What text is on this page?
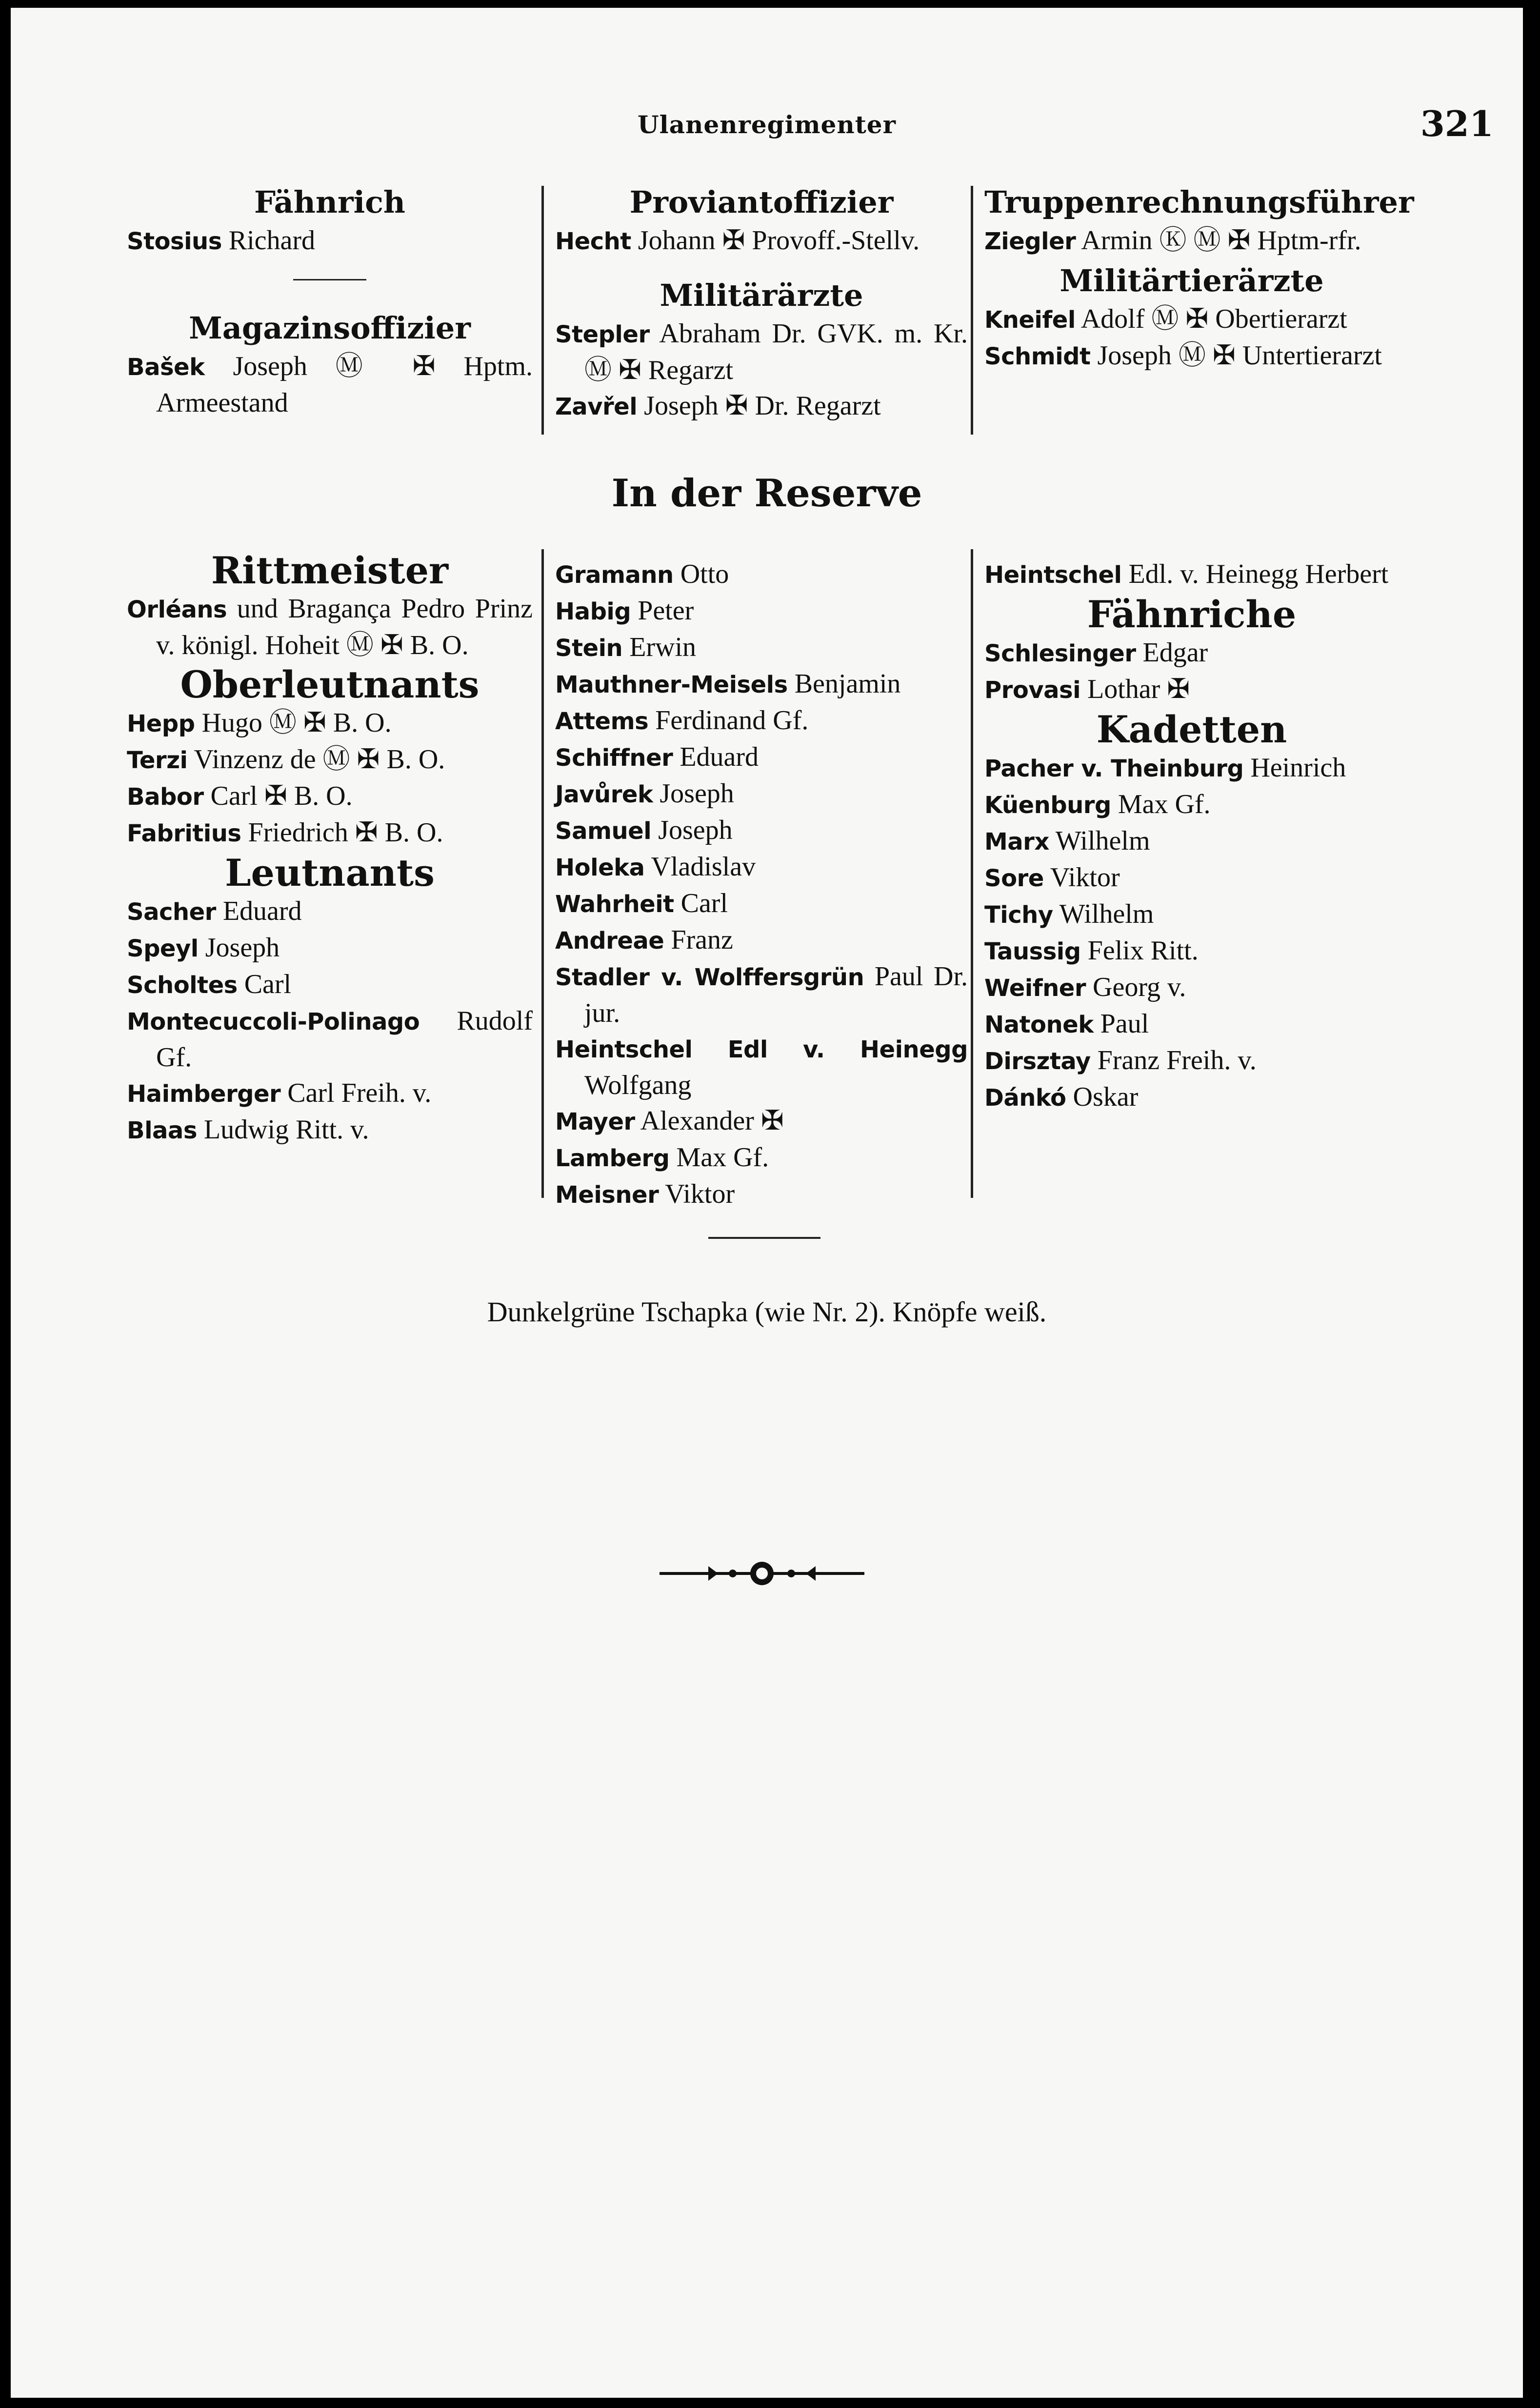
Ulanenregimenter	321
Fähnrich
Stosius Richard
Magazinsoffizier
Bašek Joseph Ⓜ ✠ Hptm. Armeestand
Proviantoffizier
Hecht Johann ✠ Provoff.-Stellv.
Militärärzte
Stepler Abraham Dr. GVK. m. Kr. Ⓜ ✠ Regarzt
Zavřel Joseph ✠ Dr. Regarzt
Truppenrechnungsführer
Ziegler Armin Ⓚ Ⓜ ✠ Hptm-rfr.
Militärtierärzte
Kneifel Adolf Ⓜ ✠ Obertierarzt
Schmidt Joseph Ⓜ ✠ Untertierarzt
In der Reserve
Rittmeister
Orléans und Bragança Pedro Prinz v. königl. Hoheit Ⓜ ✠ B. O.
Oberleutnants
Hepp Hugo Ⓜ ✠ B. O.
Terzi Vinzenz de Ⓜ ✠ B. O.
Babor Carl ✠ B. O.
Fabritius Friedrich ✠ B. O.
Leutnants
Sacher Eduard
Speyl Joseph
Scholtes Carl
Montecuccoli-Polinago Rudolf Gf.
Haimberger Carl Freih. v.
Blaas Ludwig Ritt. v.
Gramann Otto
Habig Peter
Stein Erwin
Mauthner-Meisels Benjamin
Attems Ferdinand Gf.
Schiffner Eduard
Javůrek Joseph
Samuel Joseph
Holeka Vladislav
Wahrheit Carl
Andreae Franz
Stadler v. Wolffersgrün Paul Dr. jur.
Heintschel Edl v. Heinegg Wolfgang
Mayer Alexander ✠
Lamberg Max Gf.
Meisner Viktor
Heintschel Edl. v. Heinegg Herbert
Fähnriche
Schlesinger Edgar
Provasi Lothar ✠
Kadetten
Pacher v. Theinburg Heinrich
Küenburg Max Gf.
Marx Wilhelm
Sore Viktor
Tichy Wilhelm
Taussig Felix Ritt.
Weifner Georg v.
Natonek Paul
Dirsztay Franz Freih. v.
Dánkó Oskar
Dunkelgrüne Tschapka (wie Nr. 2). Knöpfe weiß.
